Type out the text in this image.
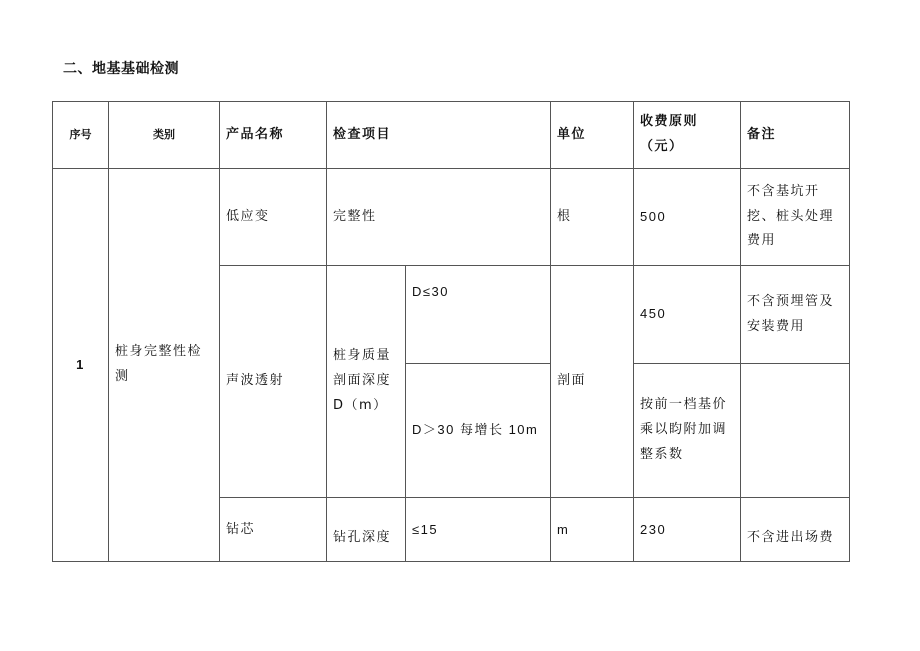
二、地基基础检测
序号	类别	产品名称	检查项目		单位	收费原则（元）	备注
1	桩身完整性检测	低应变	完整性		根	500	不含基坑开挖、桩头处理费用
		声波透射	桩身质量剖面深度D（m）	D≤30	剖面	450	不含预埋管及安装费用
				D＞30 每增长 10m		按前一档基价乘以盷附加调整系数	
		钻芯	钻孔深度	≤15	m	230	不含进出场费
